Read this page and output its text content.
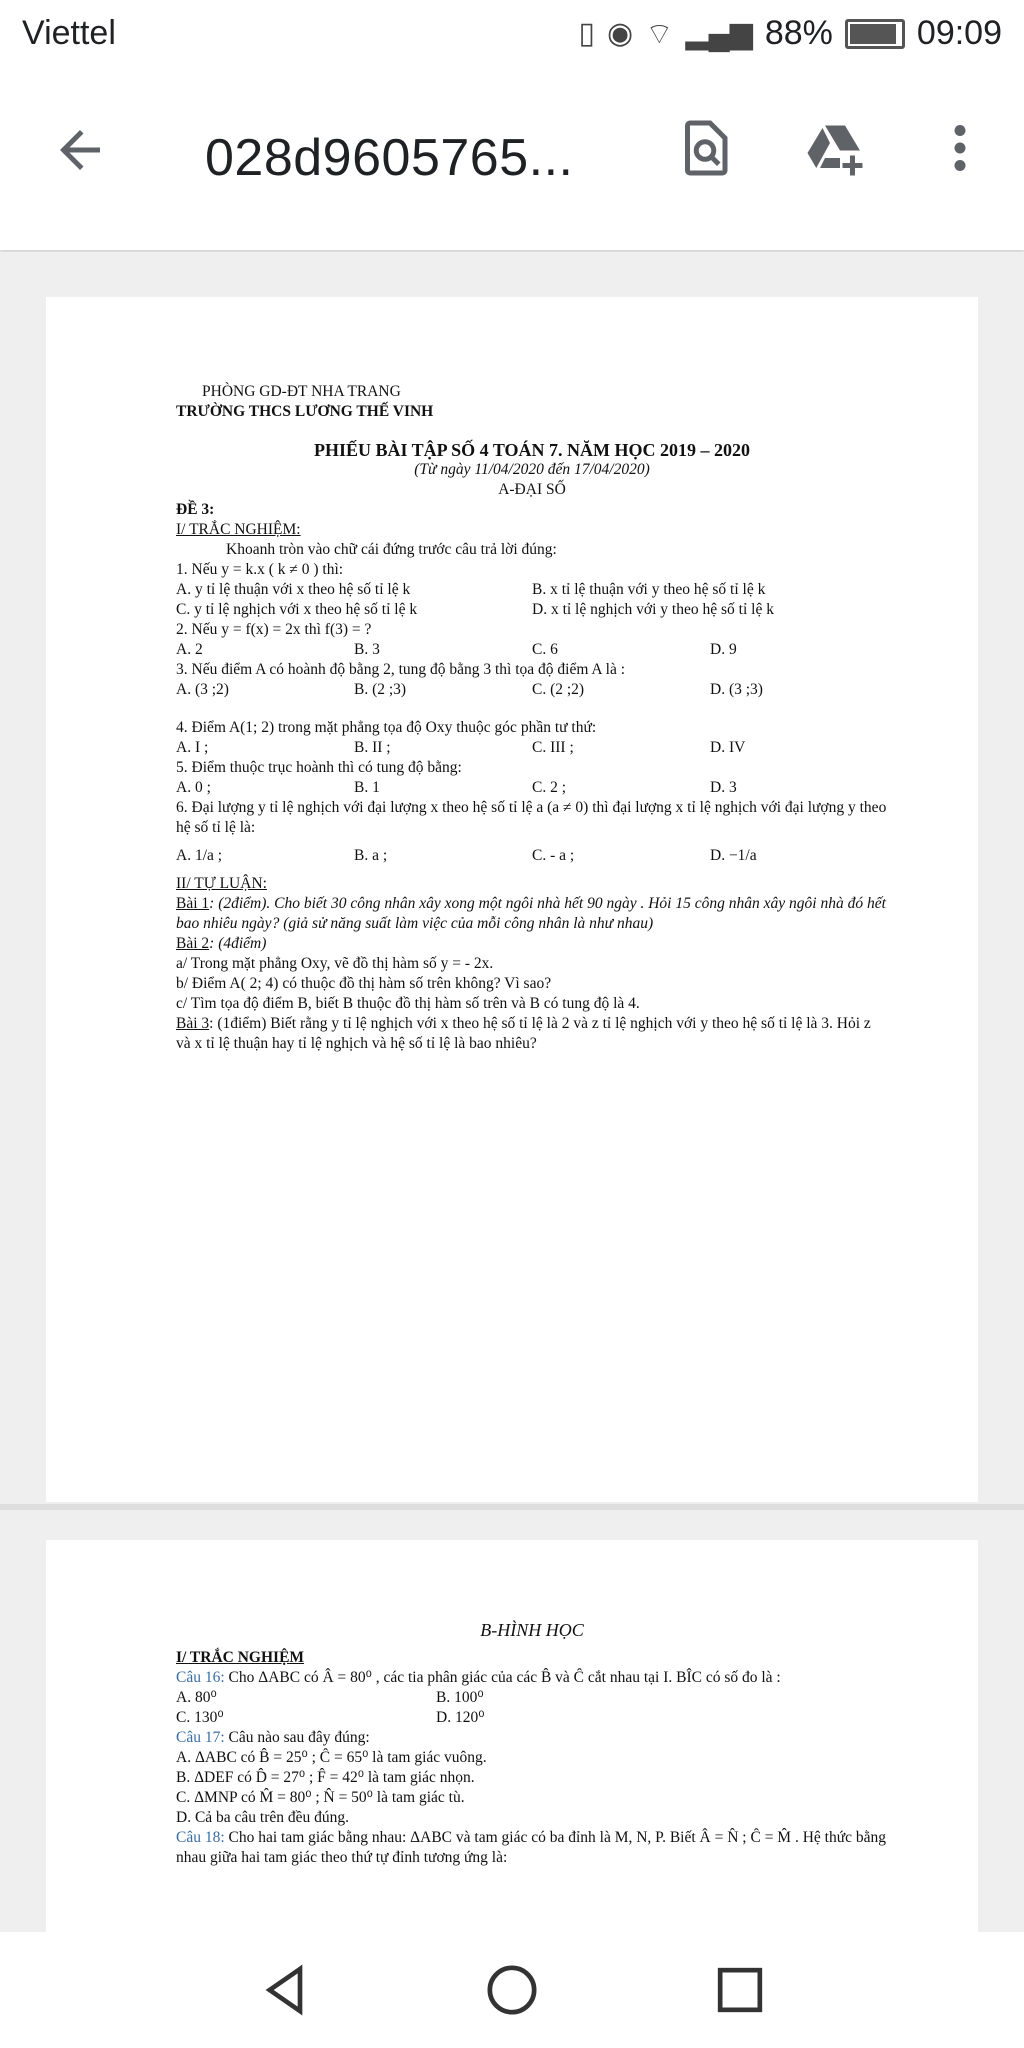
Viettel	▯ ◉ ⌔ ▂▄▆ 88% 09:09
028d9605765...

PHÒNG GD-ĐT NHA TRANG

TRƯỜNG THCS LƯƠNG THẾ VINH

PHIẾU BÀI TẬP SỐ 4 TOÁN 7. NĂM HỌC 2019 – 2020

(Từ ngày 11/04/2020 đến 17/04/2020)

A-ĐẠI SỐ

ĐỀ 3:

I/ TRẮC NGHIỆM:

Khoanh tròn vào chữ cái đứng trước câu trả lời đúng:

1. Nếu y = k.x ( k ≠ 0 ) thì:

A. y tỉ lệ thuận với x theo hệ số tỉ lệ k	B. x tỉ lệ thuận với y theo hệ số tỉ lệ k
C. y tỉ lệ nghịch với x theo hệ số tỉ lệ k	D. x tỉ lệ nghịch với y theo hệ số tỉ lệ k

2. Nếu y = f(x) = 2x thì f(3) = ?

A. 2	B. 3	C. 6	D. 9

3. Nếu điểm A có hoành độ bằng 2, tung độ bằng 3 thì tọa độ điểm A là :

A. (3 ;2)	B. (2 ;3)	C. (2 ;2)	D. (3 ;3)

4. Điểm A(1; 2) trong mặt phẳng tọa độ Oxy thuộc góc phần tư thứ:

A. I ;	B. II ;	C. III ;	D. IV

5. Điểm thuộc trục hoành thì có tung độ bằng:

A. 0 ;	B. 1	C. 2 ;	D. 3

6. Đại lượng y tỉ lệ nghịch với đại lượng x theo hệ số tỉ lệ a (a ≠ 0) thì đại lượng x tỉ lệ nghịch với đại lượng y theo hệ số tỉ lệ là:

A. 1/a ;	B. a ;	C. - a ;	D. −1/a

II/ TỰ LUẬN:

Bài 1: (2điểm). Cho biết 30 công nhân xây xong một ngôi nhà hết 90 ngày . Hỏi 15 công nhân xây ngôi nhà đó hết bao nhiêu ngày? (giả sử năng suất làm việc của mỗi công nhân là như nhau)

Bài 2: (4điểm)

a/ Trong mặt phẳng Oxy, vẽ đồ thị hàm số y = - 2x.

b/ Điểm A( 2; 4) có thuộc đồ thị hàm số trên không? Vì sao?

c/ Tìm tọa độ điểm B, biết B thuộc đồ thị hàm số trên và B có tung độ là 4.

Bài 3: (1điểm) Biết rằng y tỉ lệ nghịch với x theo hệ số tỉ lệ là 2 và z tỉ lệ nghịch với y theo hệ số tỉ lệ là 3. Hỏi z và x tỉ lệ thuận hay tỉ lệ nghịch và hệ số tỉ lệ là bao nhiêu?

B-HÌNH HỌC

I/ TRẮC NGHIỆM

Câu 16: Cho ΔABC có Â = 80⁰ , các tia phân giác của các B̂ và Ĉ cắt nhau tại I. BÎC có số đo là :

A. 80⁰	B. 100⁰
C. 130⁰	D. 120⁰

Câu 17: Câu nào sau đây đúng:

A. ΔABC có B̂ = 25⁰ ; Ĉ = 65⁰ là tam giác vuông.

B. ΔDEF có D̂ = 27⁰ ; F̂ = 42⁰ là tam giác nhọn.

C. ΔMNP có M̂ = 80⁰ ; N̂ = 50⁰ là tam giác tù.

D. Cả ba câu trên đều đúng.

Câu 18: Cho hai tam giác bằng nhau: ΔABC và tam giác có ba đỉnh là M, N, P. Biết Â = N̂ ; Ĉ = M̂ . Hệ thức bằng nhau giữa hai tam giác theo thứ tự đỉnh tương ứng là:
